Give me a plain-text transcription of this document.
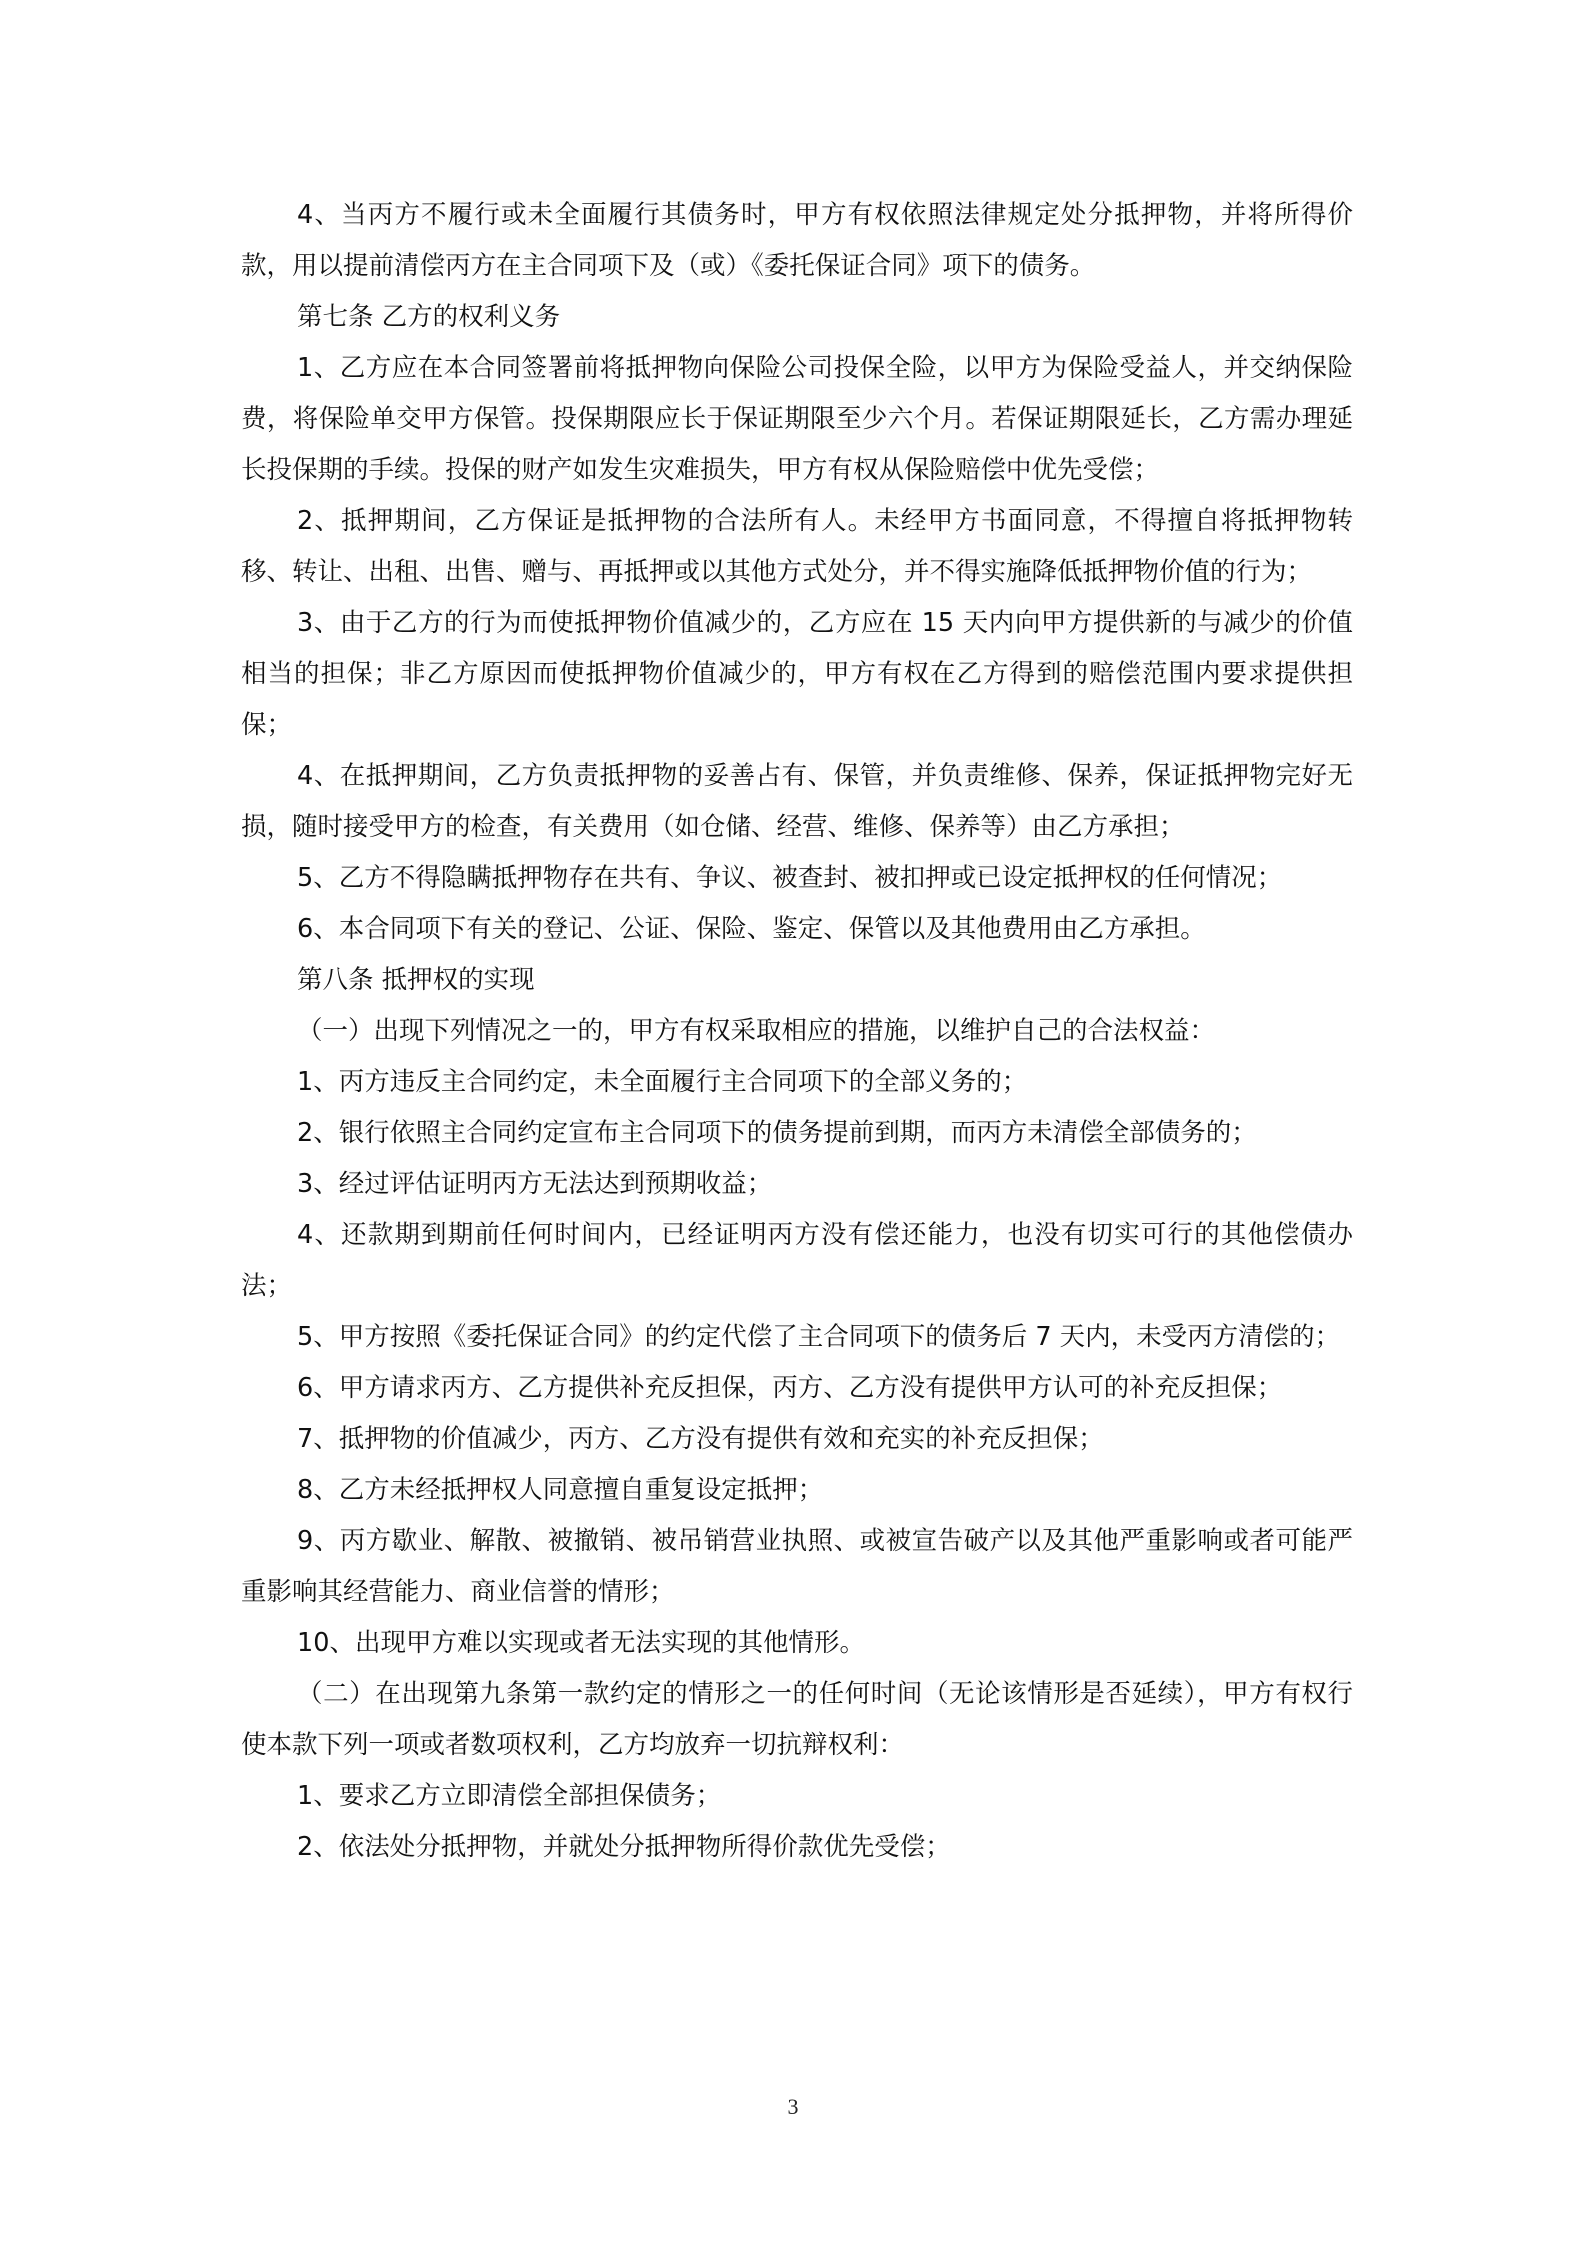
4、当丙方不履行或未全面履行其债务时，甲方有权依照法律规定处分抵押物，并将所得价款，用以提前清偿丙方在主合同项下及（或）《委托保证合同》项下的债务。

第七条 乙方的权利义务

1、乙方应在本合同签署前将抵押物向保险公司投保全险，以甲方为保险受益人，并交纳保险费，将保险单交甲方保管。投保期限应长于保证期限至少六个月。若保证期限延长，乙方需办理延长投保期的手续。投保的财产如发生灾难损失，甲方有权从保险赔偿中优先受偿；

2、抵押期间，乙方保证是抵押物的合法所有人。未经甲方书面同意，不得擅自将抵押物转移、转让、出租、出售、赠与、再抵押或以其他方式处分，并不得实施降低抵押物价值的行为；

3、由于乙方的行为而使抵押物价值减少的，乙方应在 15 天内向甲方提供新的与减少的价值相当的担保；非乙方原因而使抵押物价值减少的，甲方有权在乙方得到的赔偿范围内要求提供担保；

4、在抵押期间，乙方负责抵押物的妥善占有、保管，并负责维修、保养，保证抵押物完好无损，随时接受甲方的检查，有关费用（如仓储、经营、维修、保养等）由乙方承担；

5、乙方不得隐瞒抵押物存在共有、争议、被查封、被扣押或已设定抵押权的任何情况；

6、本合同项下有关的登记、公证、保险、鉴定、保管以及其他费用由乙方承担。

第八条 抵押权的实现

（一）出现下列情况之一的，甲方有权采取相应的措施，以维护自己的合法权益：

1、丙方违反主合同约定，未全面履行主合同项下的全部义务的；

2、银行依照主合同约定宣布主合同项下的债务提前到期，而丙方未清偿全部债务的；

3、经过评估证明丙方无法达到预期收益；

4、还款期到期前任何时间内，已经证明丙方没有偿还能力，也没有切实可行的其他偿债办法；

5、甲方按照《委托保证合同》的约定代偿了主合同项下的债务后 7 天内，未受丙方清偿的；

6、甲方请求丙方、乙方提供补充反担保，丙方、乙方没有提供甲方认可的补充反担保；

7、抵押物的价值减少，丙方、乙方没有提供有效和充实的补充反担保；

8、乙方未经抵押权人同意擅自重复设定抵押；

9、丙方歇业、解散、被撤销、被吊销营业执照、或被宣告破产以及其他严重影响或者可能严重影响其经营能力、商业信誉的情形；

10、出现甲方难以实现或者无法实现的其他情形。

（二）在出现第九条第一款约定的情形之一的任何时间（无论该情形是否延续），甲方有权行使本款下列一项或者数项权利，乙方均放弃一切抗辩权利：

1、要求乙方立即清偿全部担保债务；

2、依法处分抵押物，并就处分抵押物所得价款优先受偿；

3
